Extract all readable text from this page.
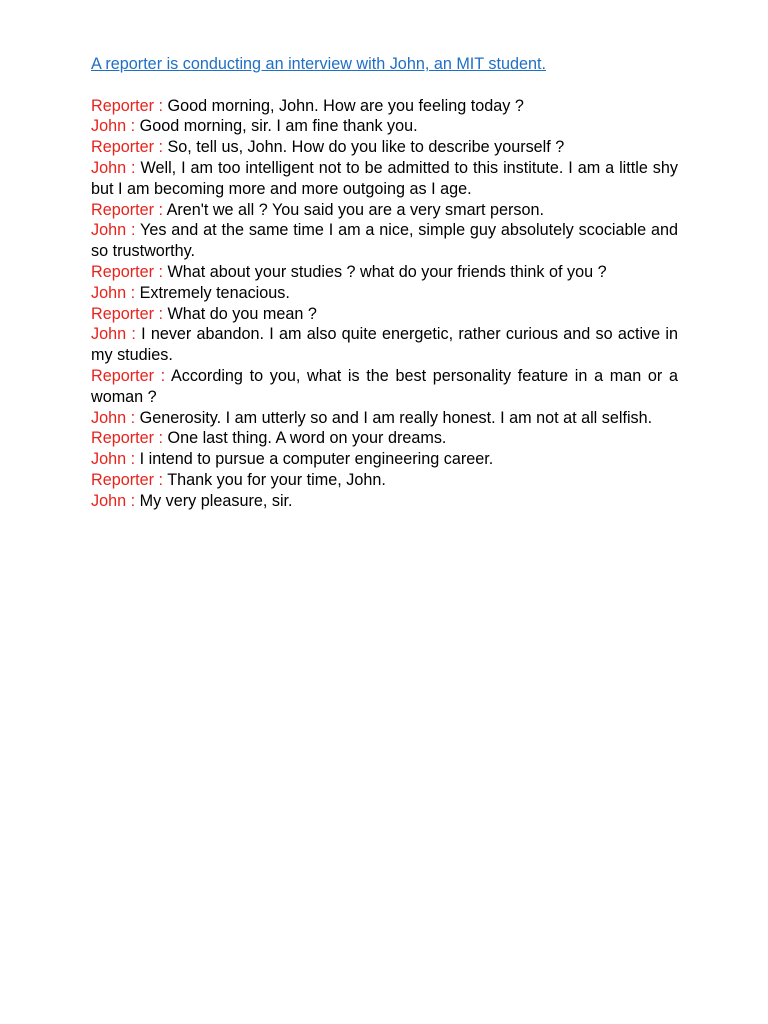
A reporter is conducting an interview with John, an MIT student.

Reporter : Good morning, John. How are you feeling today ?

John : Good morning, sir. I am fine thank you.

Reporter : So, tell us, John. How do you like to describe yourself ?

John : Well, I am too intelligent not to be admitted to this institute. I am a little shy but I am becoming more and more outgoing as I age.

Reporter : Aren't we all ? You said you are a very smart person.

John : Yes and at the same time I am a nice, simple guy absolutely scociable and so trustworthy.

Reporter : What about your studies ? what do your friends think of you ?

John : Extremely tenacious.

Reporter : What do you mean ?

John : I never abandon. I am also quite energetic, rather curious and so active in my studies.

Reporter : According to you, what is the best personality feature in a man or a woman ?

John : Generosity. I am utterly so and I am really honest. I am not at all selfish.

Reporter : One last thing. A word on your dreams.

John : I intend to pursue a computer engineering career.

Reporter : Thank you for your time, John.

John : My very pleasure, sir.
